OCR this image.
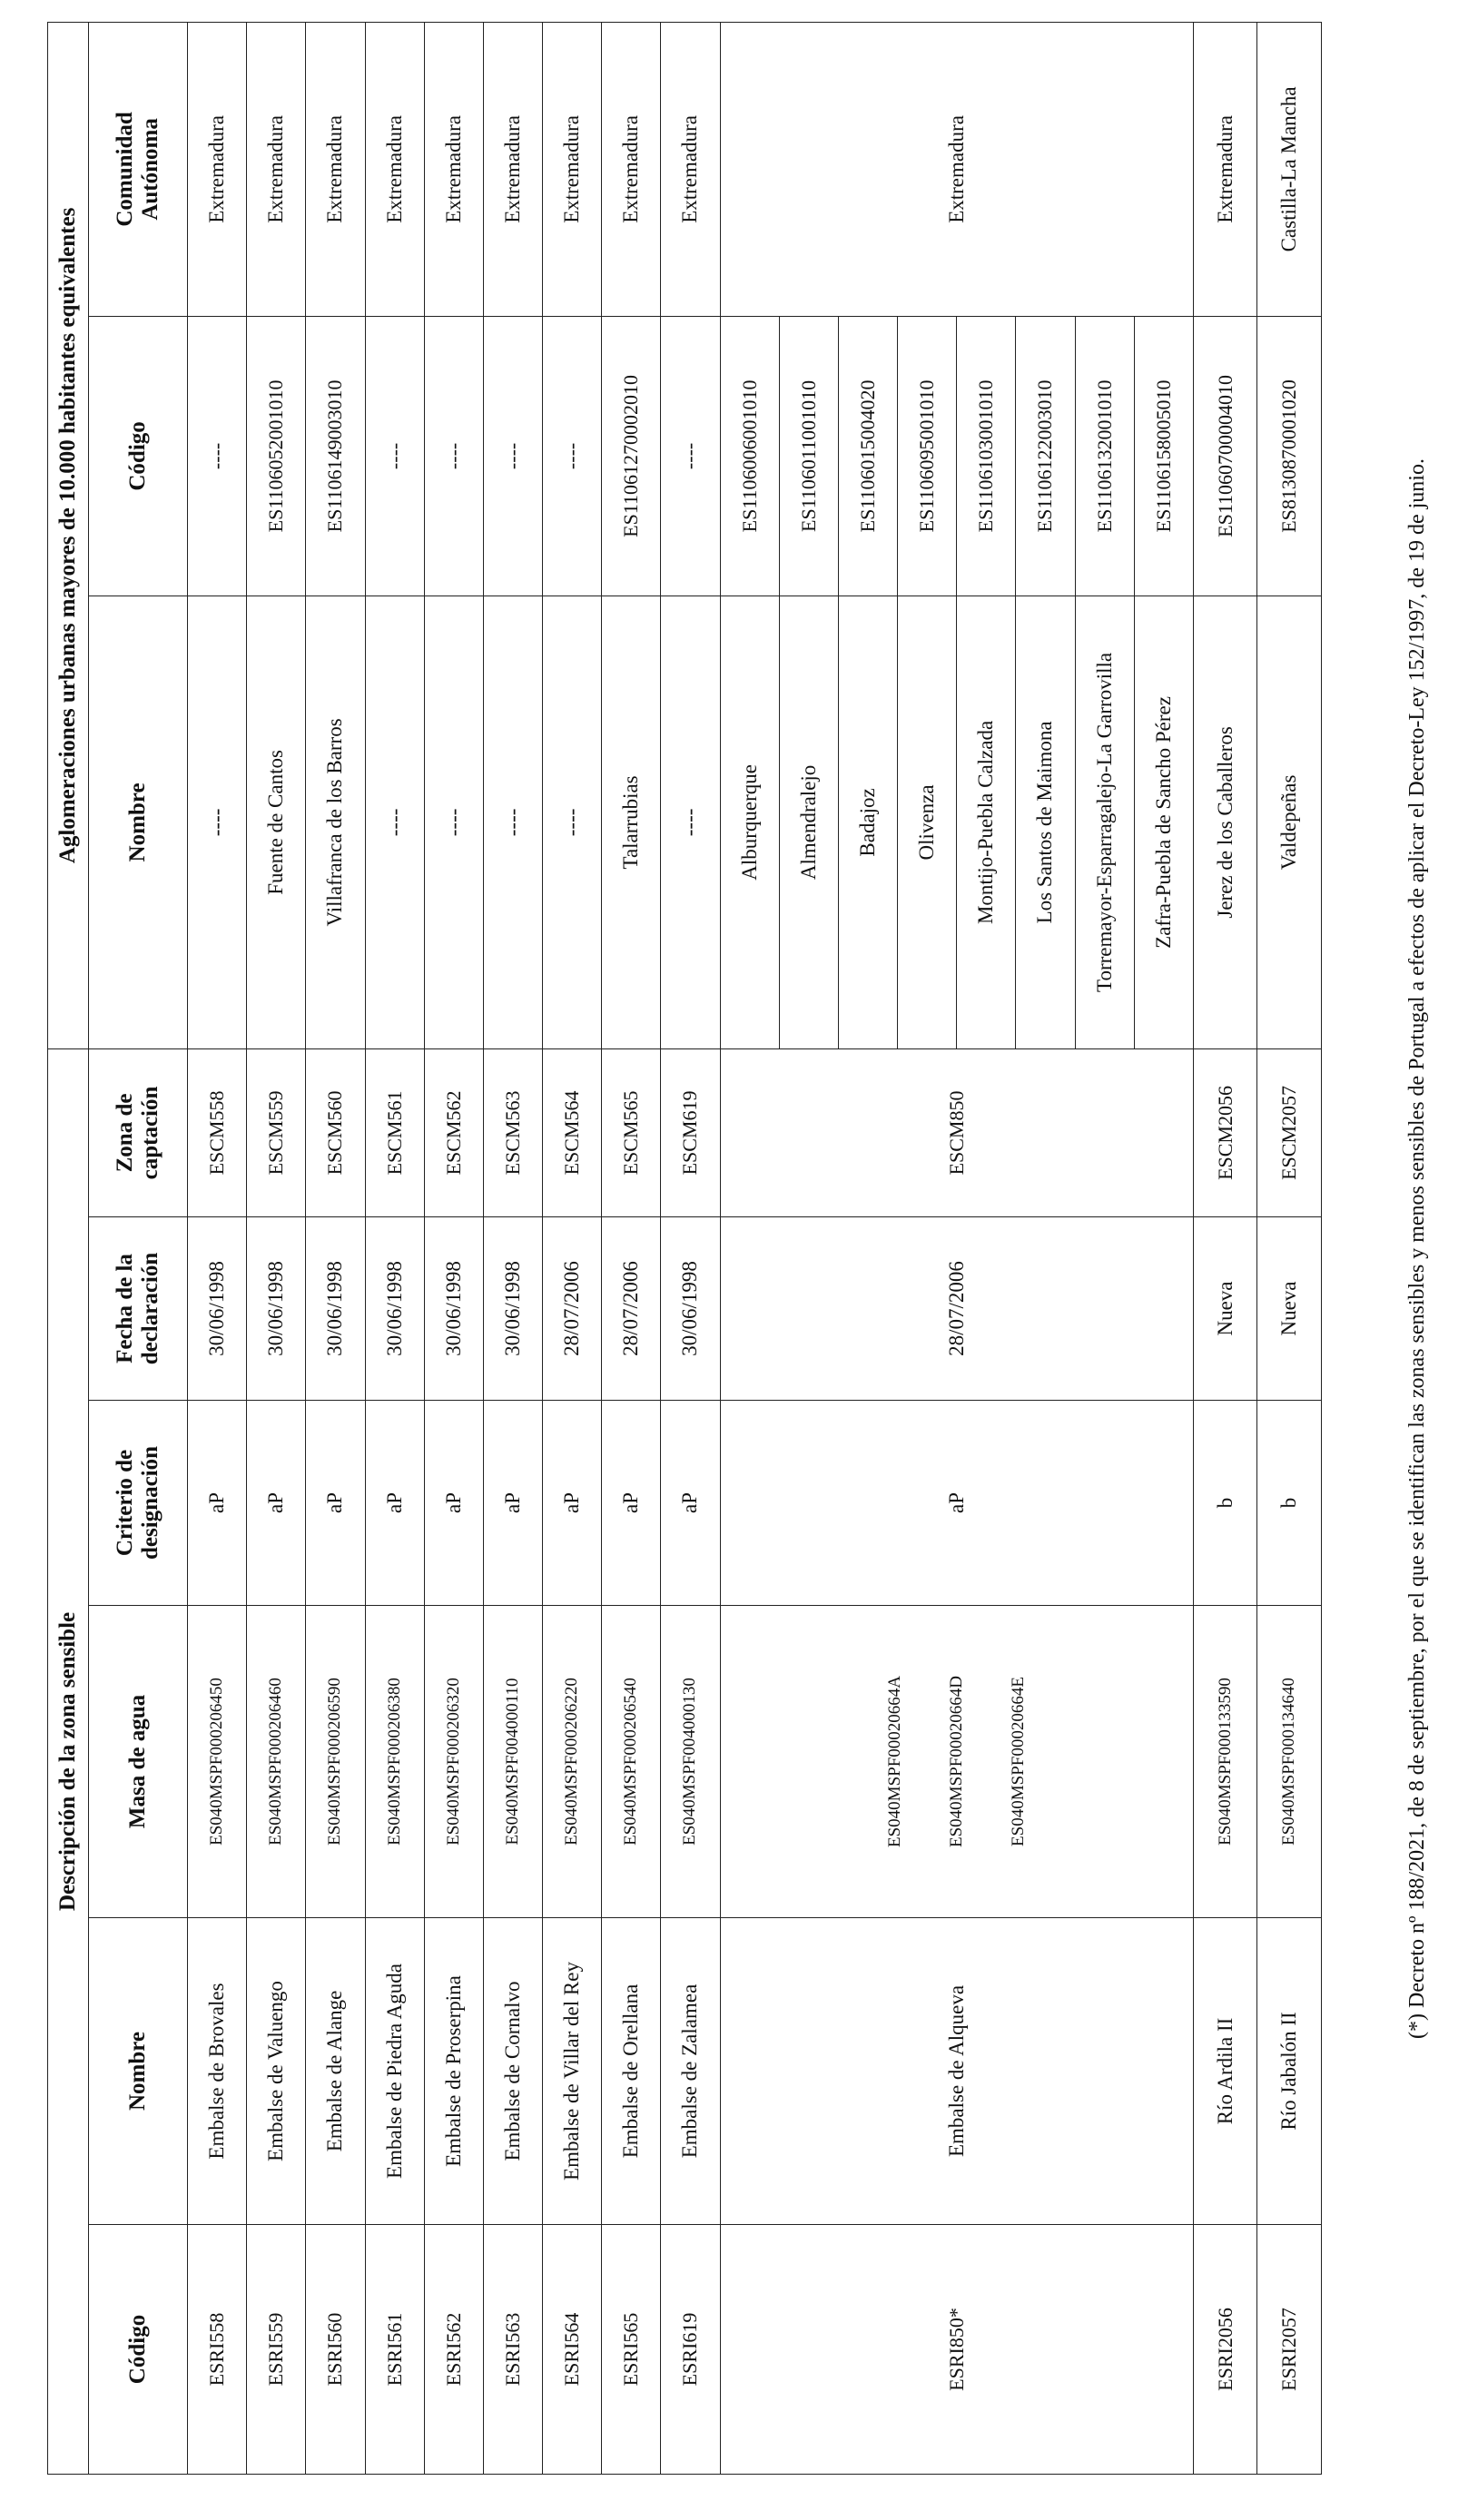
Descripción de la zona sensible						Aglomeraciones urbanas mayores de 10.000 habitantes equivalentes		
Código	Nombre	Masa de agua	Criterio de
designación	Fecha de la
declaración	Zona de
captación	Nombre	Código	Comunidad
Autónoma
ESRI558	Embalse de Brovales	ES040MSPF000206450	aP	30/06/1998	ESCM558	----	----	Extremadura
ESRI559	Embalse de Valuengo	ES040MSPF000206460	aP	30/06/1998	ESCM559	Fuente de Cantos	ES1106052001010	Extremadura
ESRI560	Embalse de Alange	ES040MSPF000206590	aP	30/06/1998	ESCM560	Villafranca de los Barros	ES1106149003010	Extremadura
ESRI561	Embalse de Piedra Aguda	ES040MSPF000206380	aP	30/06/1998	ESCM561	----	----	Extremadura
ESRI562	Embalse de Proserpina	ES040MSPF000206320	aP	30/06/1998	ESCM562	----	----	Extremadura
ESRI563	Embalse de Cornalvo	ES040MSPF004000110	aP	30/06/1998	ESCM563	----	----	Extremadura
ESRI564	Embalse de Villar del Rey	ES040MSPF000206220	aP	28/07/2006	ESCM564	----	----	Extremadura
ESRI565	Embalse de Orellana	ES040MSPF000206540	aP	28/07/2006	ESCM565	Talarrubias	ES11061270002010	Extremadura
ESRI619	Embalse de Zalamea	ES040MSPF004000130	aP	30/06/1998	ESCM619	----	----	Extremadura
ESRI850*	Embalse de Alqueva	ES040MSPF00020664A ES040MSPF00020664D ES040MSPF00020664E	aP	28/07/2006	ESCM850	Alburquerque	ES1106006001010	Extremadura
						Almendralejo	ES1106011001010	
						Badajoz	ES1106015004020	
						Olivenza	ES1106095001010	
						Montijo-Puebla Calzada	ES1106103001010	
						Los Santos de Maimona	ES1106122003010	
						Torremayor-Esparragalejo-La Garrovilla	ES1106132001010	
						Zafra-Puebla de Sancho Pérez	ES1106158005010	
ESRI2056	Río Ardila II	ES040MSPF000133590	b	Nueva	ESCM2056	Jerez de los Caballeros	ES11060700004010	Extremadura
ESRI2057	Río Jabalón II	ES040MSPF000134640	b	Nueva	ESCM2057	Valdepeñas	ES8130870001020	Castilla-La Mancha
(*) Decreto nº 188/2021, de 8 de septiembre, por el que se identifican las zonas sensibles y menos sensibles de Portugal a efectos de aplicar el Decreto-Ley 152/1997, de 19 de junio.
